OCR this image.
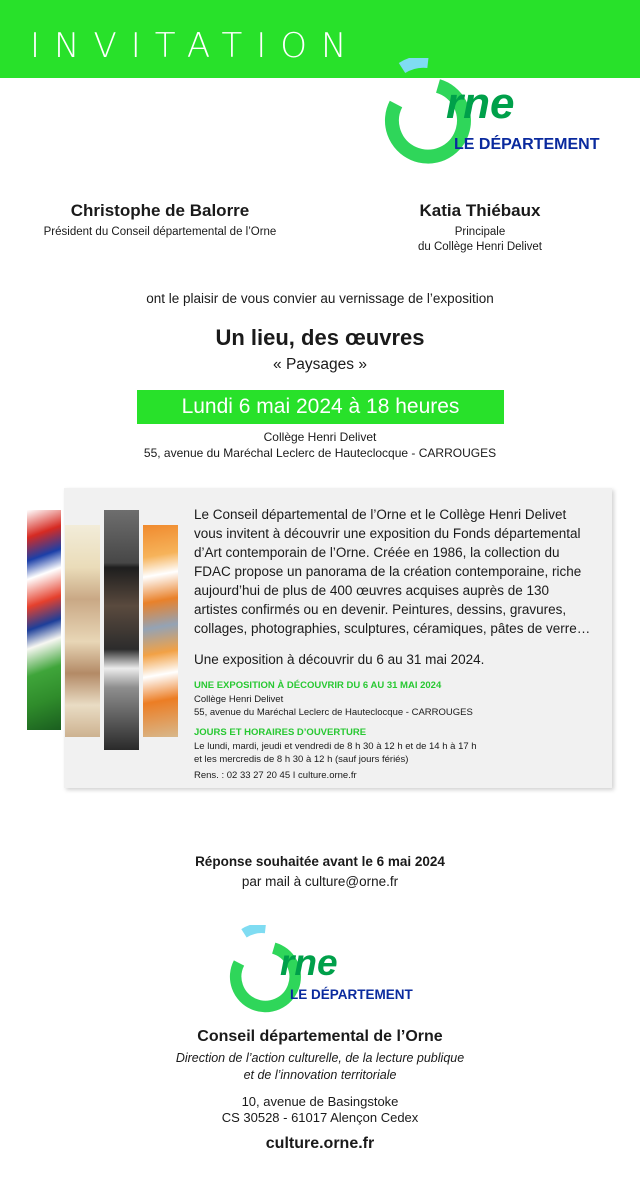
INVITATION
rne
LE DÉPARTEMENT
Christophe de Balorre
Président du Conseil départemental de l’Orne
Katia Thiébaux
Principale
du Collège Henri Delivet
ont le plaisir de vous convier au vernissage de l’exposition
Un lieu, des œuvres
« Paysages »
Lundi 6 mai 2024 à 18 heures
Collège Henri Delivet
55, avenue du Maréchal Leclerc de Hauteclocque - CARROUGES
Le Conseil départemental de l’Orne et le Collège Henri Delivet vous invitent à découvrir une exposition du Fonds départemental d’Art contemporain de l’Orne. Créée en 1986, la collection du FDAC propose un panorama de la création contemporaine, riche aujourd’hui de plus de 400 œuvres acquises auprès de 130 artistes confirmés ou en devenir. Peintures, dessins, gravures, collages, photographies, sculptures, céramiques, pâtes de verre…
Une exposition à découvrir du 6 au 31 mai 2024.
UNE EXPOSITION À DÉCOUVRIR DU 6 AU 31 MAI 2024
Collège Henri Delivet
55, avenue du Maréchal Leclerc de Hauteclocque - CARROUGES
JOURS ET HORAIRES D’OUVERTURE
Le lundi, mardi, jeudi et vendredi de 8 h 30 à 12 h et de 14 h à 17 h
et les mercredis de 8 h 30 à 12 h (sauf jours fériés)
Rens. : 02 33 27 20 45 I culture.orne.fr
Réponse souhaitée avant le 6 mai 2024
par mail à culture@orne.fr
rne
LE DÉPARTEMENT
Conseil départemental de l’Orne
Direction de l’action culturelle, de la lecture publique
et de l’innovation territoriale
10, avenue de Basingstoke
CS 30528 - 61017 Alençon Cedex
culture.orne.fr
